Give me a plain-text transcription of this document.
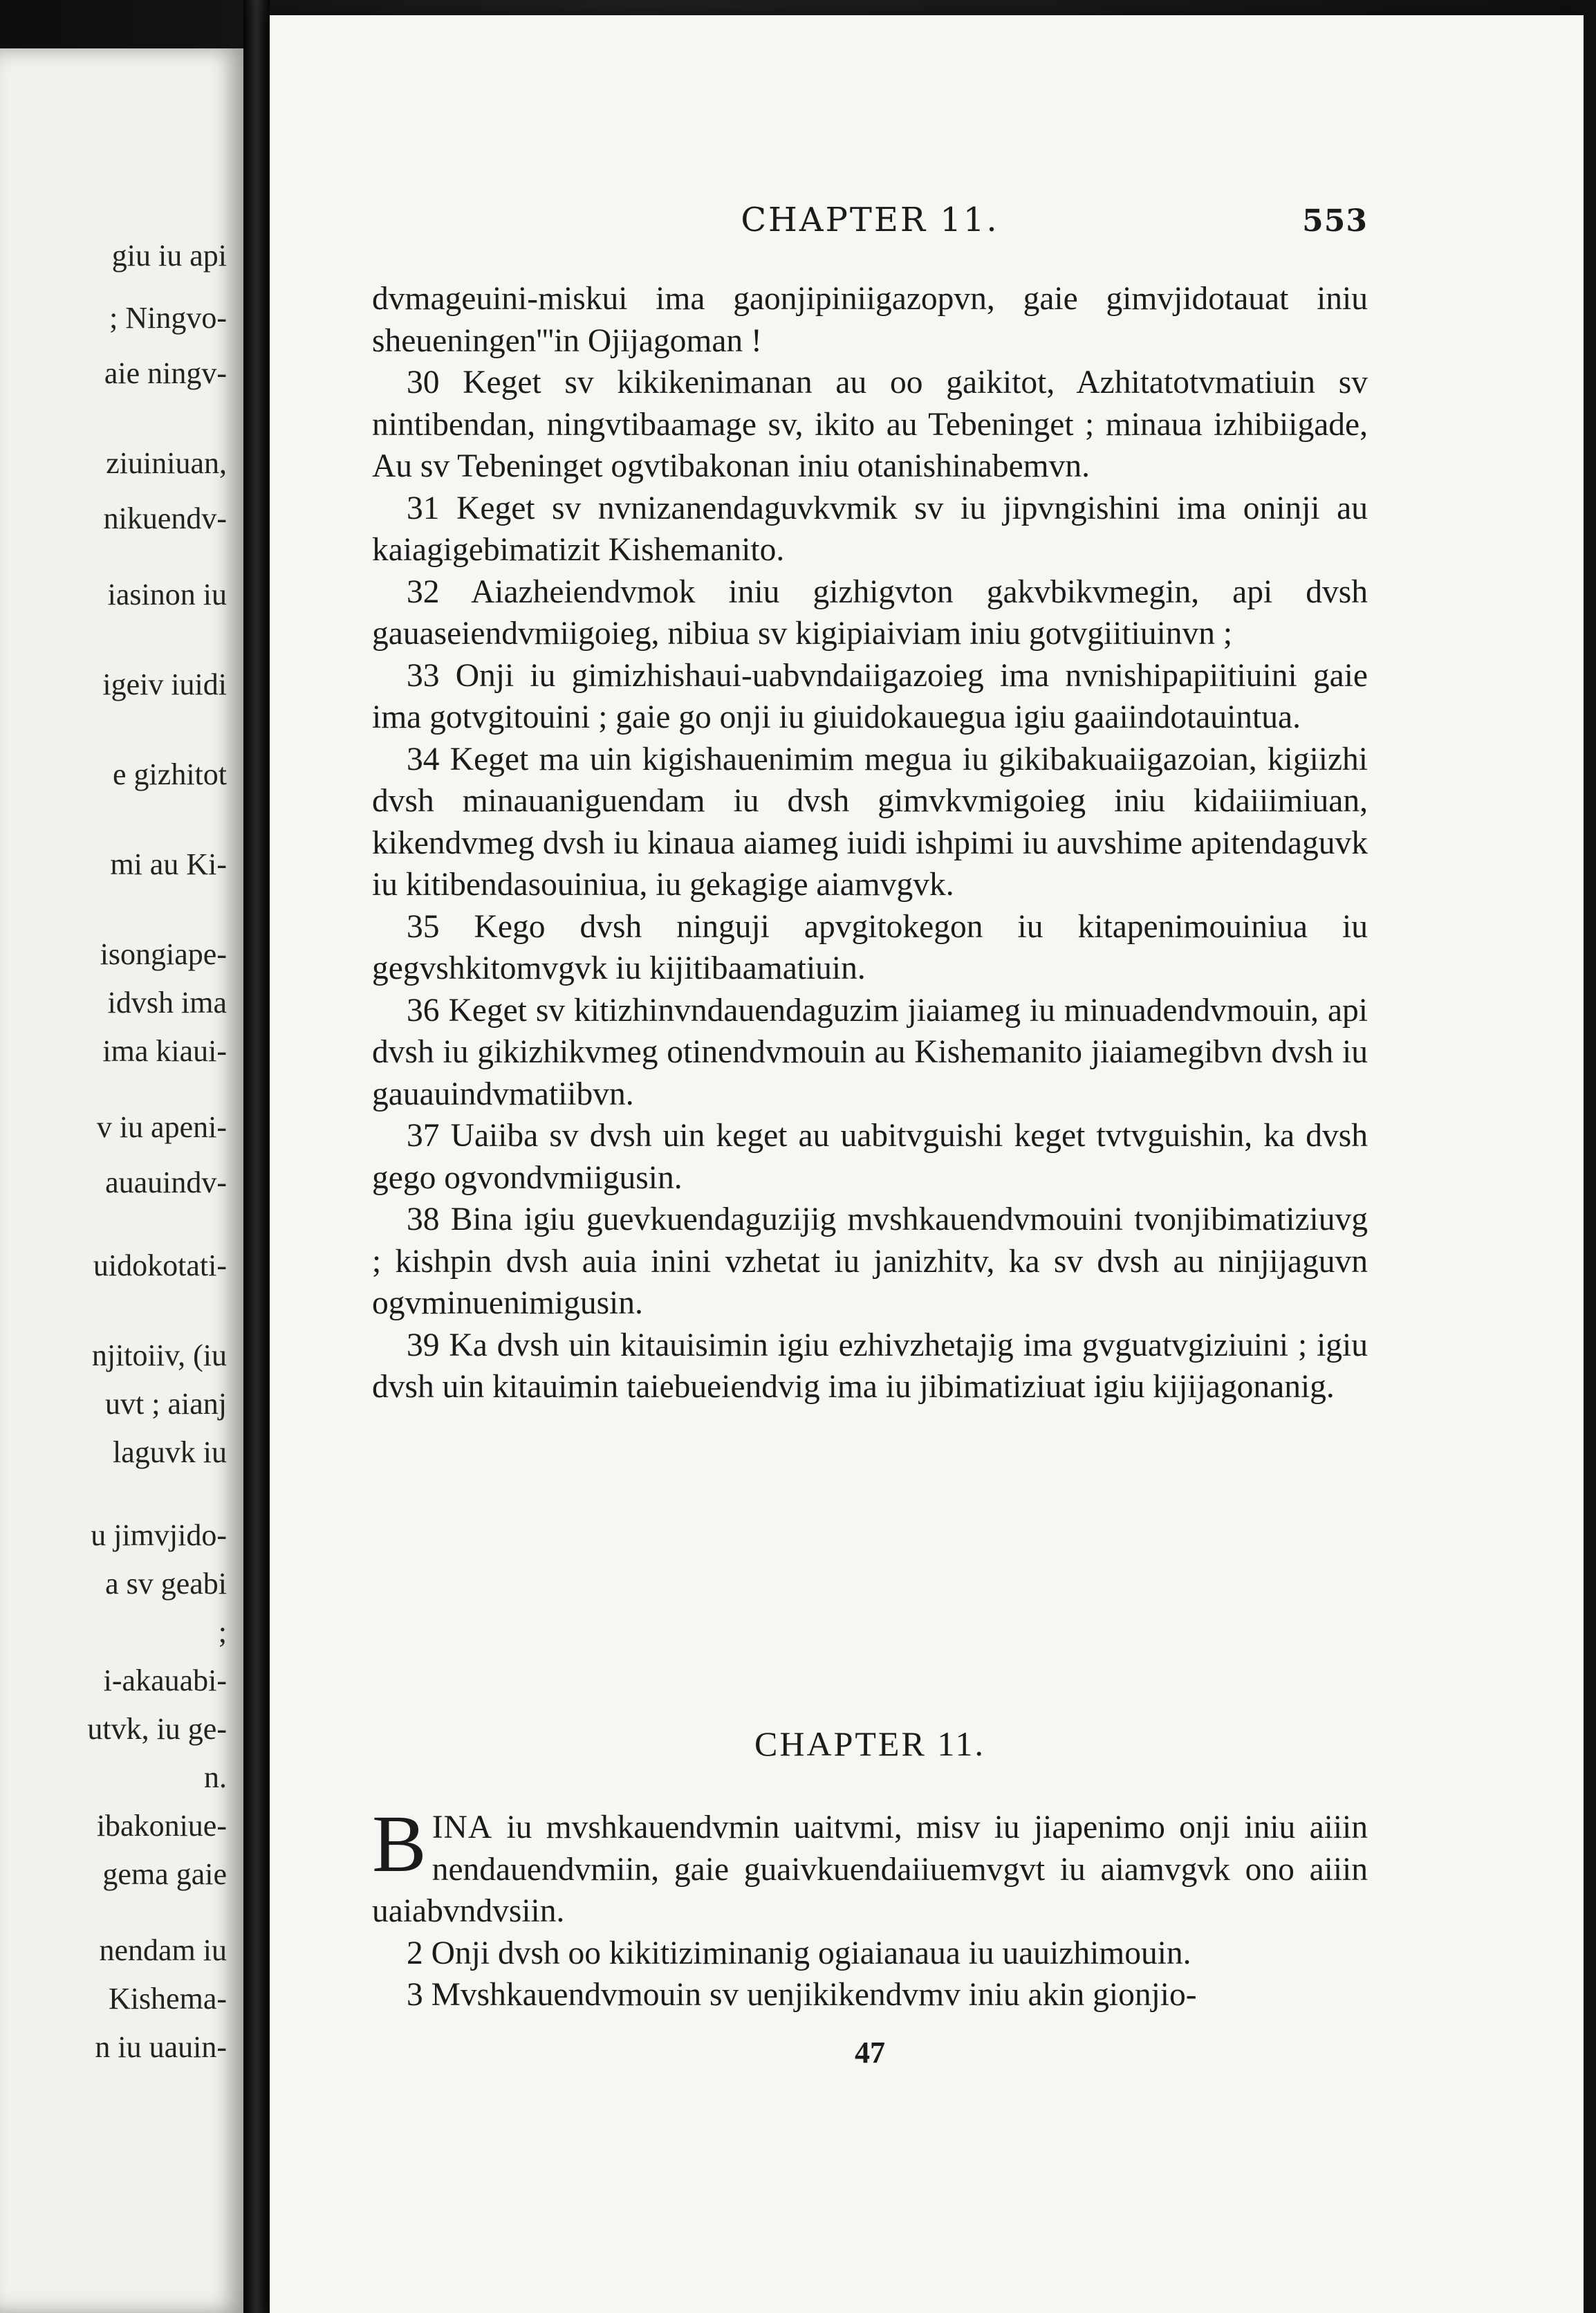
giu iu api
; Ningvo-
aie ningv-
ziuiniuan,
nikuendv-
iasinon iu
igeiv iuidi
e gizhitot
mi au Ki-
isongiape-
idvsh ima
ima kiaui-
v iu apeni-
auauindv-
uidokotati-
njitoiiv, (iu
uvt ; aianj
laguvk iu
u jimvjido-
a sv geabi
;
i-akauabi-
utvk, iu ge-
n.
ibakoniue-
gema gaie
nendam iu
Kishema-
n iu uauin-
CHAPTER 11.	553

dvmageuini-miskui ima gaonjipiniigazopvn, gaie gimvjidotauat iniu sheueningen'''in Ojijagoman !

30 Keget sv kikikenimanan au oo gaikitot, Azhitatotvmatiuin sv nintibendan, ningvtibaamage sv, ikito au Tebeninget ; minaua izhibiigade, Au sv Tebeninget ogvtibakonan iniu otanishinabemvn.

31 Keget sv nvnizanendaguvkvmik sv iu jipvngishini ima oninji au kaiagigebimatizit Kishemanito.

32 Aiazheiendvmok iniu gizhigvton gakvbikvmegin, api dvsh gauaseiendvmiigoieg, nibiua sv kigipiaiviam iniu gotvgiitiuinvn ;

33 Onji iu gimizhishaui-uabvndaiigazoieg ima nvnishipapiitiuini gaie ima gotvgitouini ; gaie go onji iu giuidokauegua igiu gaaiindotauintua.

34 Keget ma uin kigishauenimim megua iu gikibakuaiigazoian, kigiizhi dvsh minauaniguendam iu dvsh gimvkvmigoieg iniu kidaiiimiuan, kikendvmeg dvsh iu kinaua aiameg iuidi ishpimi iu auvshime apitendaguvk iu kitibendasouiniua, iu gekagige aiamvgvk.

35 Kego dvsh ninguji apvgitokegon iu kitapenimouiniua iu gegvshkitomvgvk iu kijitibaamatiuin.

36 Keget sv kitizhinvndauendaguzim jiaiameg iu minuadendvmouin, api dvsh iu gikizhikvmeg otinendvmouin au Kishemanito jiaiamegibvn dvsh iu gauauindvmatiibvn.

37 Uaiiba sv dvsh uin keget au uabitvguishi keget tvtvguishin, ka dvsh gego ogvondvmiigusin.

38 Bina igiu guevkuendaguzijig mvshkauendvmouini tvonjibimatiziuvg ; kishpin dvsh auia inini vzhetat iu janizhitv, ka sv dvsh au ninjijaguvn ogvminuenimigusin.

39 Ka dvsh uin kitauisimin igiu ezhivzhetajig ima gvguatvgiziuini ; igiu dvsh uin kitauimin taiebueiendvig ima iu jibimatiziuat igiu kijijagonanig.

CHAPTER 11.

BINA iu mvshkauendvmin uaitvmi, misv iu jiapenimo onji iniu aiiin nendauendvmiin, gaie guaivkuendaiiuemvgvt iu aiamvgvk ono aiiin uaiabvndvsiin.

2 Onji dvsh oo kikitiziminanig ogiaianaua iu uauizhimouin.

3 Mvshkauendvmouin sv uenjikikendvmv iniu akin gionjio-

47
